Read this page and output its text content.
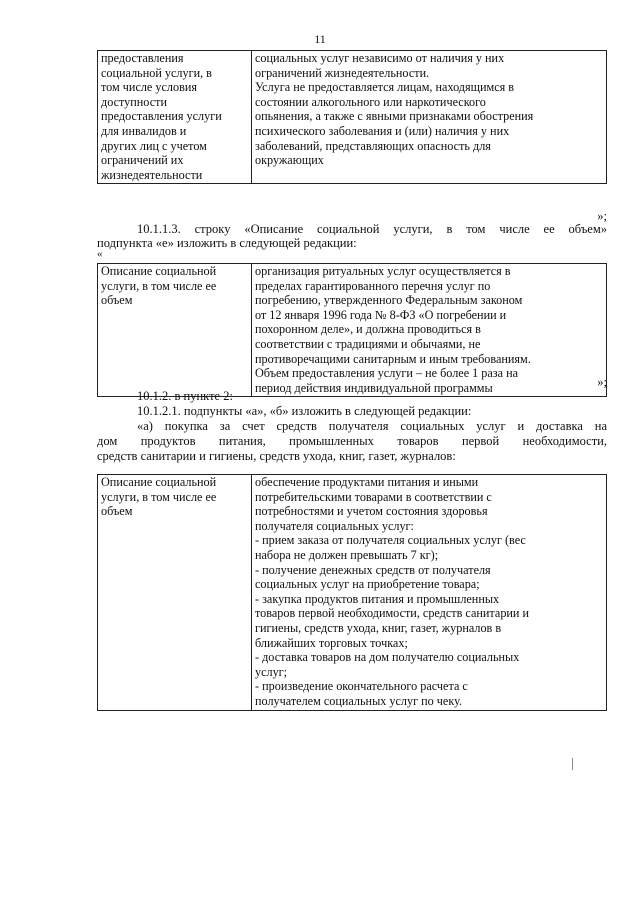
11
предоставления
социальной услуги, в
том числе условия
доступности
предоставления услуги
для инвалидов и
других лиц с учетом
ограничений их
жизнедеятельности

социальных услуг независимо от наличия у них
ограничений жизнедеятельности.
Услуга не предоставляется лицам, находящимся в
состоянии алкогольного или наркотического
опьянения, а также с явными признаками обострения
психического заболевания и (или) наличия у них
заболеваний, представляющих опасность для
окружающих
»;
10.1.1.3. строку «Описание социальной услуги, в том числе ее объем»
подпункта «е» изложить в следующей редакции:
«
Описание социальной
услуги, в том числе ее
объем

организация ритуальных услуг осуществляется в
пределах гарантированного перечня услуг по
погребению, утвержденного Федеральным законом
от 12 января 1996 года № 8-ФЗ «О погребении и
похоронном деле», и должна проводиться в
соответствии с традициями и обычаями, не
противоречащими санитарным и иным требованиям.
Объем предоставления услуги – не более 1 раза на
период действия индивидуальной программы	»;
10.1.2. в пункте 2:
10.1.2.1. подпункты «а», «б» изложить в следующей редакции:
«а) покупка за счет средств получателя социальных услуг и доставка на
дом продуктов питания, промышленных товаров первой необходимости,
средств санитарии и гигиены, средств ухода, книг, газет, журналов:
Описание социальной
услуги, в том числе ее
объем

обеспечение продуктами питания и иными
потребительскими товарами в соответствии с
потребностями и учетом состояния здоровья
получателя социальных услуг:
- прием заказа от получателя социальных услуг (вес
набора не должен превышать 7 кг);
- получение денежных средств от получателя
социальных услуг на приобретение товара;
- закупка продуктов питания и промышленных
товаров первой необходимости, средств санитарии и
гигиены, средств ухода, книг, газет, журналов в
ближайших торговых точках;
- доставка товаров на дом получателю социальных
услуг;
- произведение окончательного расчета с
получателем социальных услуг по чеку.
